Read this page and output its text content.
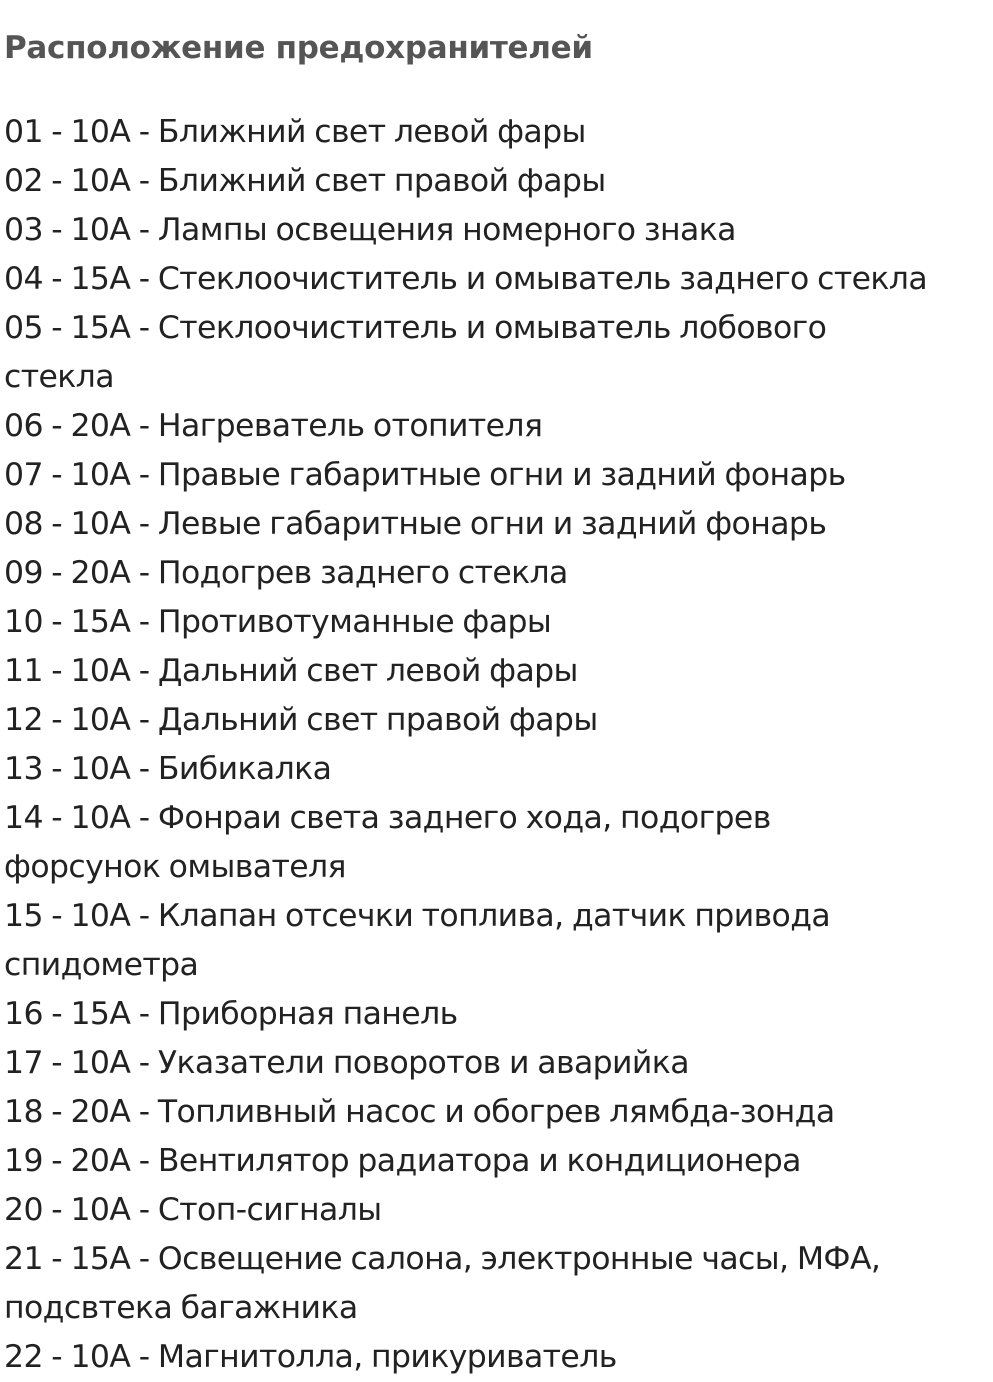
Расположение предохранителей
01 - 10А - Ближний свет левой фары
02 - 10А - Ближний свет правой фары
03 - 10А - Лампы освещения номерного знака
04 - 15А - Стеклоочиститель и омыватель заднего стекла
05 - 15А - Стеклоочиститель и омыватель лобового
стекла
06 - 20А - Нагреватель отопителя
07 - 10А - Правые габаритные огни и задний фонарь
08 - 10А - Левые габаритные огни и задний фонарь
09 - 20А - Подогрев заднего стекла
10 - 15А - Противотуманные фары
11 - 10А - Дальний свет левой фары
12 - 10А - Дальний свет правой фары
13 - 10А - Бибикалка
14 - 10А - Фонраи света заднего хода, подогрев
форсунок омывателя
15 - 10А - Клапан отсечки топлива, датчик привода
спидометра
16 - 15А - Приборная панель
17 - 10А - Указатели поворотов и аварийка
18 - 20А - Топливный насос и обогрев лямбда-зонда
19 - 20А - Вентилятор радиатора и кондиционера
20 - 10А - Стоп-сигналы
21 - 15А - Освещение салона, электронные часы, МФА,
подсвтека багажника
22 - 10А - Магнитолла, прикуриватель
